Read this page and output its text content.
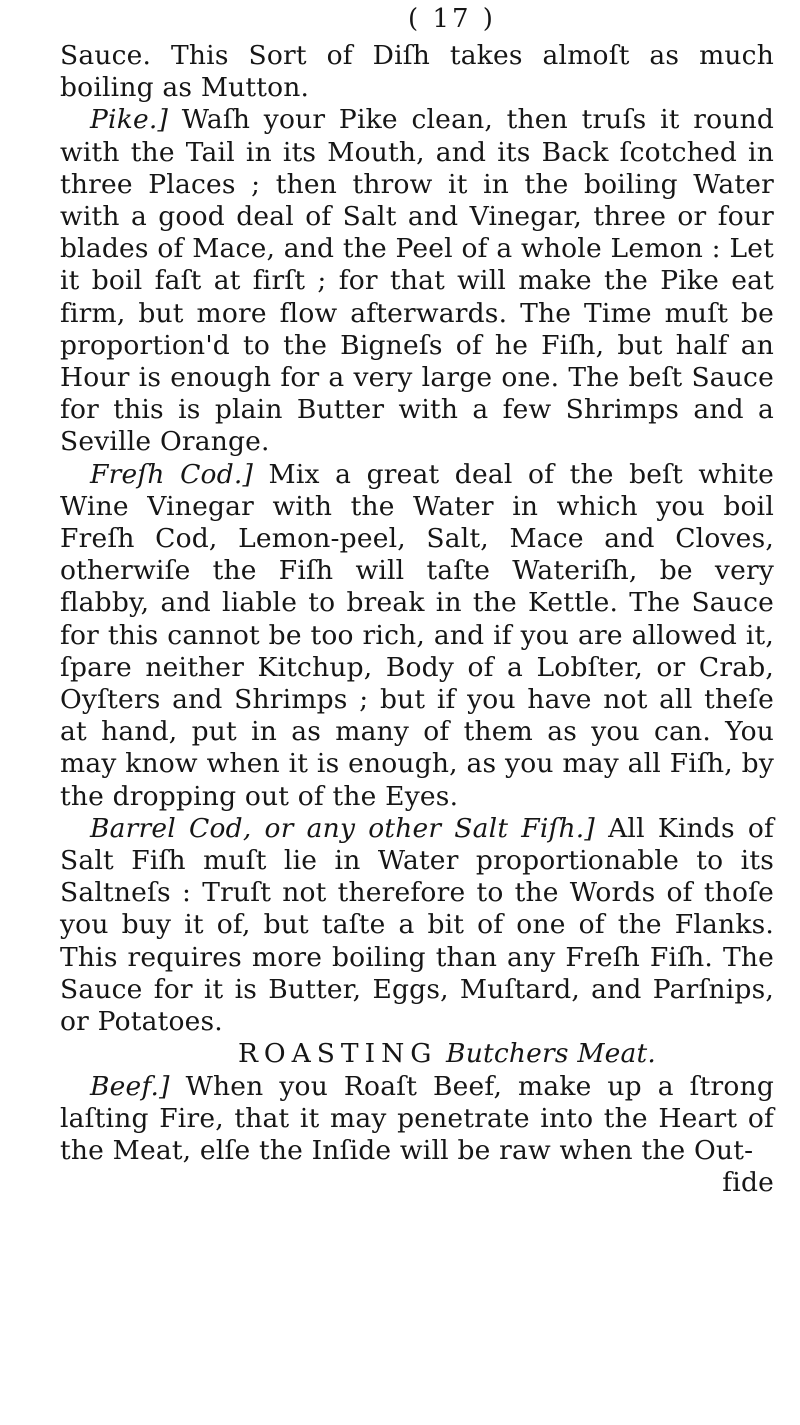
( 17 )

Sauce. This Sort of Diſh takes almoſt as much boiling as Mutton.

Pike.] Waſh your Pike clean, then truſs it round with the Tail in its Mouth, and its Back ſcotched in three Places ; then throw it in the boiling Water with a good deal of Salt and Vinegar, three or four blades of Mace, and the Peel of a whole Lemon : Let it boil faſt at firſt ; for that will make the Pike eat firm, but more flow afterwards. The Time muſt be proportion'd to the Bigneſs of he Fiſh, but half an Hour is enough for a very large one. The beſt Sauce for this is plain Butter with a few Shrimps and a Seville Orange.

Freſh Cod.] Mix a great deal of the beſt white Wine Vinegar with the Water in which you boil Freſh Cod, Lemon-peel, Salt, Mace and Cloves, otherwiſe the Fiſh will taſte Wateriſh, be very flabby, and liable to break in the Kettle. The Sauce for this cannot be too rich, and if you are allowed it, ſpare neither Kitchup, Body of a Lobſter, or Crab, Oyſters and Shrimps ; but if you have not all theſe at hand, put in as many of them as you can. You may know when it is enough, as you may all Fiſh, by the dropping out of the Eyes.

Barrel Cod, or any other Salt Fiſh.] All Kinds of Salt Fiſh muſt lie in Water proportionable to its Saltneſs : Truſt not therefore to the Words of thoſe you buy it of, but taſte a bit of one of the Flanks. This requires more boiling than any Freſh Fiſh. The Sauce for it is Butter, Eggs, Muſtard, and Parſnips, or Potatoes.

ROASTING Butchers Meat.

Beef.] When you Roaſt Beef, make up a ſtrong laſting Fire, that it may penetrate into the Heart of the Meat, elſe the Inſide will be raw when the Out-

fide
